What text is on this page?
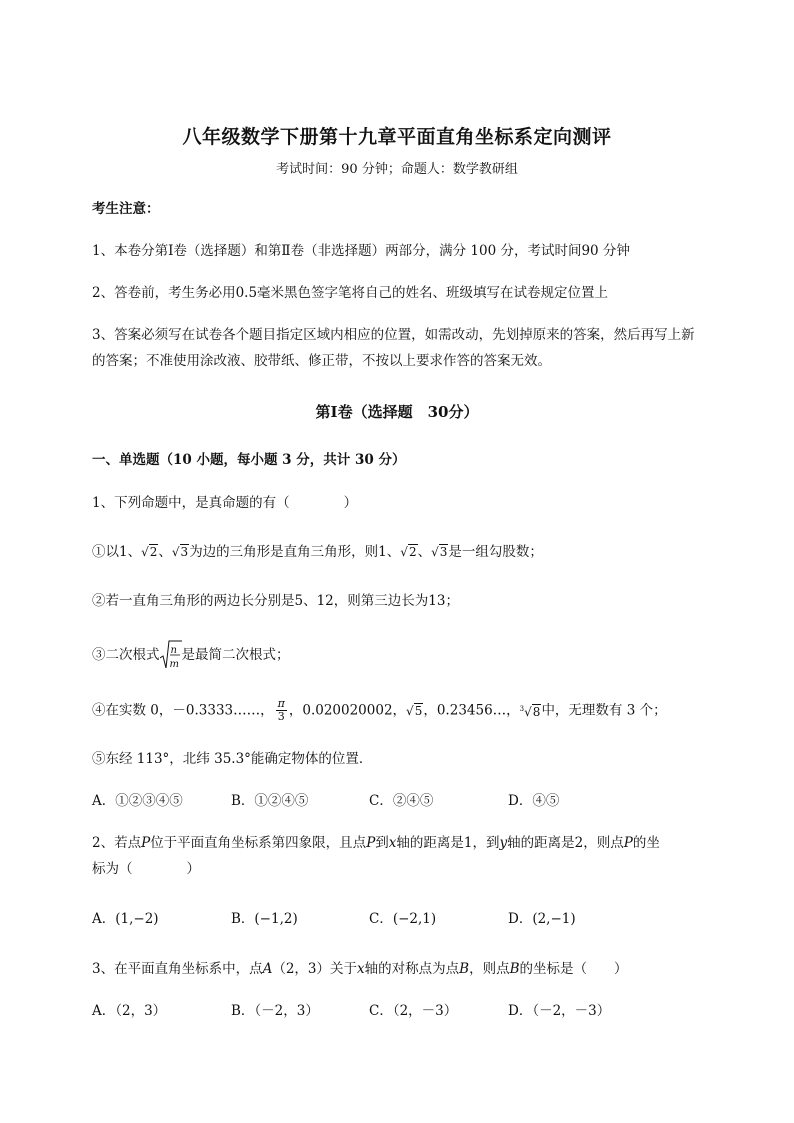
八年级数学下册第十九章平面直角坐标系定向测评
考试时间：90 分钟；命题人：数学教研组
考生注意：
1、本卷分第Ⅰ卷（选择题）和第Ⅱ卷（非选择题）两部分，满分 100 分，考试时间90 分钟
2、答卷前，考生务必用0.5毫米黑色签字笔将自己的姓名、班级填写在试卷规定位置上
3、答案必须写在试卷各个题目指定区域内相应的位置，如需改动，先划掉原来的答案，然后再写上新
的答案；不准使用涂改液、胶带纸、修正带，不按以上要求作答的答案无效。
第Ⅰ卷（选择题　30分）
一、单选题（10 小题，每小题 3 分，共计 30 分）
1、下列命题中，是真命题的有（　　　　）
①以1、√2、√3为边的三角形是直角三角形，则1、√2、√3是一组勾股数；
②若一直角三角形的两边长分别是5、12，则第三边长为13；
③二次根式 n
m
是最简二次根式；
④在实数 0，－0.3333……， $\frac{\pi}{3}$ ，0.020020002，√5，0.23456…，$^3$√8中，无理数有 3 个；
⑤东经 113°，北纬 35.3°能确定物体的位置．
A．①②③④⑤	B．①②④⑤	C．②④⑤	D．④⑤
2、若点P位于平面直角坐标系第四象限，且点P到x轴的距离是1，到y轴的距离是2，则点P的坐
标为（　　　　）
A．(1,−2)	B．(−1,2)	C．(−2,1)	D．(2,−1)
3、在平面直角坐标系中，点A（2，3）关于x轴的对称点为点B，则点B的坐标是（　　）
A．（2，3）	B．（－2，3）	C．（2，－3）	D．（－2，－3）
